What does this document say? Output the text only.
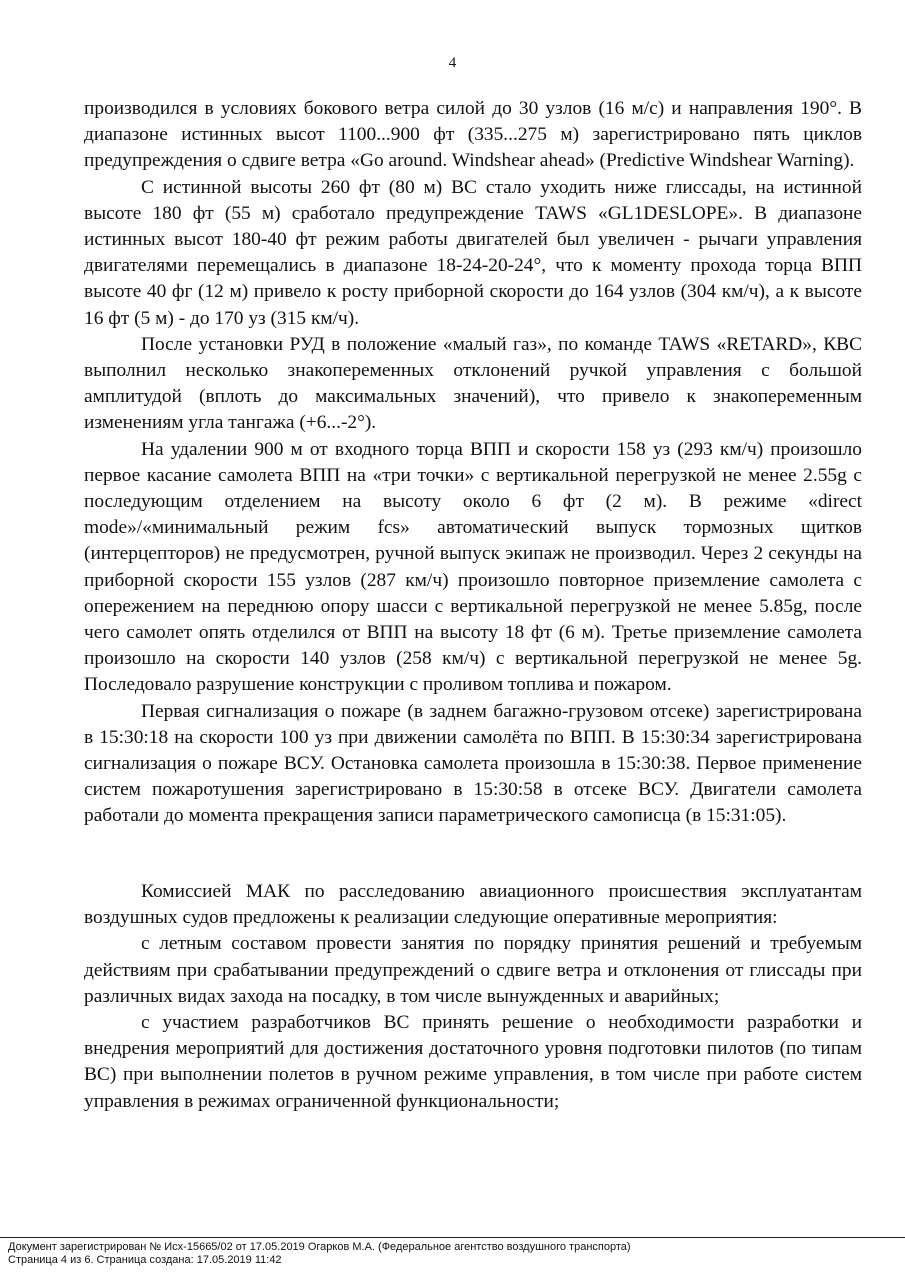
4

производился в условиях бокового ветра силой до 30 узлов (16 м/с) и направления 190°. В диапазоне истинных высот 1100...900 фт (335...275 м) зарегистрировано пять циклов предупреждения о сдвиге ветра «Go around. Windshear ahead» (Predictive Windshear Warning).

С истинной высоты 260 фт (80 м) ВС стало уходить ниже глиссады, на истинной высоте 180 фт (55 м) сработало предупреждение TAWS «GL1DESLOPE». В диапазоне истинных высот 180-40 фт режим работы двигателей был увеличен - рычаги управления двигателями перемещались в диапазоне 18-24-20-24°, что к моменту прохода торца ВПП высоте 40 фг (12 м) привело к росту приборной скорости до 164 узлов (304 км/ч), а к высоте 16 фт (5 м) - до 170 уз (315 км/ч).

После установки РУД в положение «малый газ», по команде TAWS «RETARD», КВС выполнил несколько знакопеременных отклонений ручкой управления с большой амплитудой (вплоть до максимальных значений), что привело к знакопеременным изменениям угла тангажа (+6...-2°).

На удалении 900 м от входного торца ВПП и скорости 158 уз (293 км/ч) произошло первое касание самолета ВПП на «три точки» с вертикальной перегрузкой не менее 2.55g с последующим отделением на высоту около 6 фт (2 м). В режиме «direct mode»/«минимальный режим fcs» автоматический выпуск тормозных щитков (интерцепторов) не предусмотрен, ручной выпуск экипаж не производил. Через 2 секунды на приборной скорости 155 узлов (287 км/ч) произошло повторное приземление самолета с опережением на переднюю опору шасси с вертикальной перегрузкой не менее 5.85g, после чего самолет опять отделился от ВПП на высоту 18 фт (6 м). Третье приземление самолета произошло на скорости 140 узлов (258 км/ч) с вертикальной перегрузкой не менее 5g. Последовало разрушение конструкции с проливом топлива и пожаром.

Первая сигнализация о пожаре (в заднем багажно-грузовом отсеке) зарегистрирована в 15:30:18 на скорости 100 уз при движении самолёта по ВПП. В 15:30:34 зарегистрирована сигнализация о пожаре ВСУ. Остановка самолета произошла в 15:30:38. Первое применение систем пожаротушения зарегистрировано в 15:30:58 в отсеке ВСУ. Двигатели самолета работали до момента прекращения записи параметрического самописца (в 15:31:05).

Комиссией МАК по расследованию авиационного происшествия эксплуатантам воздушных судов предложены к реализации следующие оперативные мероприятия:

с летным составом провести занятия по порядку принятия решений и требуемым действиям при срабатывании предупреждений о сдвиге ветра и отклонения от глиссады при различных видах захода на посадку, в том числе вынужденных и аварийных;

с участием разработчиков ВС принять решение о необходимости разработки и внедрения мероприятий для достижения достаточного уровня подготовки пилотов (по типам ВС) при выполнении полетов в ручном режиме управления, в том числе при работе систем управления в режимах ограниченной функциональности;

Документ зарегистрирован № Исх-15665/02 от 17.05.2019 Огарков М.А. (Федеральное агентство воздушного транспорта)
Страница 4 из 6. Страница создана: 17.05.2019 11:42
